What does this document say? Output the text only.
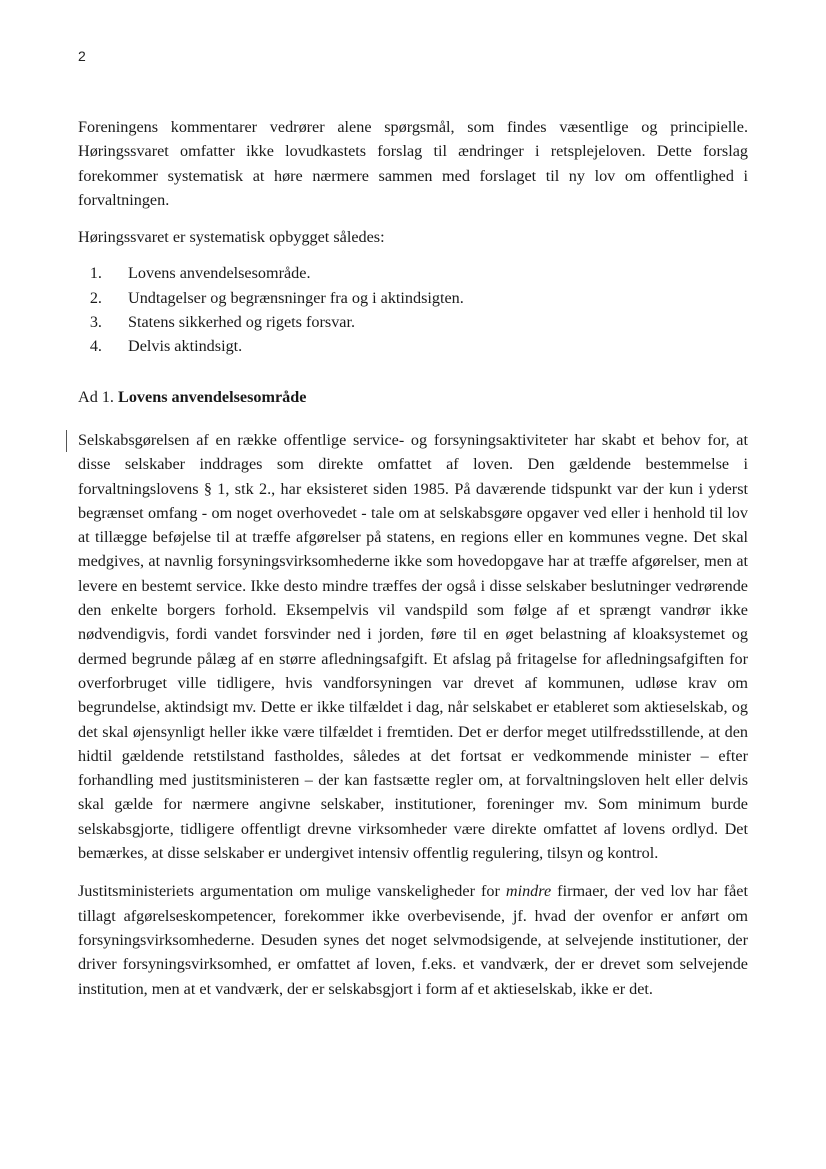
2

Foreningens kommentarer vedrører alene spørgsmål, som findes væsentlige og principielle. Høringssvaret omfatter ikke lovudkastets forslag til ændringer i retsplejeloven. Dette forslag forekommer systematisk at høre nærmere sammen med forslaget til ny lov om offentlighed i forvaltningen.

Høringssvaret er systematisk opbygget således:

1. Lovens anvendelsesområde.
2. Undtagelser og begrænsninger fra og i aktindsigten.
3. Statens sikkerhed og rigets forsvar.
4. Delvis aktindsigt.

Ad 1. Lovens anvendelsesområde

Selskabsgørelsen af en række offentlige service- og forsyningsaktiviteter har skabt et behov for, at disse selskaber inddrages som direkte omfattet af loven. Den gældende bestemmelse i forvaltningslovens § 1, stk 2., har eksisteret siden 1985. På daværende tidspunkt var der kun i yderst begrænset omfang - om noget overhovedet - tale om at selskabsgøre opgaver ved eller i henhold til lov at tillægge beføjelse til at træffe afgørelser på statens, en regions eller en kommunes vegne. Det skal medgives, at navnlig forsyningsvirksomhederne ikke som hovedopgave har at træffe afgørelser, men at levere en bestemt service. Ikke desto mindre træffes der også i disse selskaber beslutninger vedrørende den enkelte borgers forhold. Eksempelvis vil vandspild som følge af et sprængt vandrør ikke nødvendigvis, fordi vandet forsvinder ned i jorden, føre til en øget belastning af kloaksystemet og dermed begrunde pålæg af en større afledningsafgift. Et afslag på fritagelse for afledningsafgiften for overforbruget ville tidligere, hvis vandforsyningen var drevet af kommunen, udløse krav om begrundelse, aktindsigt mv. Dette er ikke tilfældet i dag, når selskabet er etableret som aktieselskab, og det skal øjensynligt heller ikke være tilfældet i fremtiden. Det er derfor meget utilfredsstillende, at den hidtil gældende retstilstand fastholdes, således at det fortsat er vedkommende minister – efter forhandling med justitsministeren – der kan fastsætte regler om, at forvaltningsloven helt eller delvis skal gælde for nærmere angivne selskaber, institutioner, foreninger mv. Som minimum burde selskabsgjorte, tidligere offentligt drevne virksomheder være direkte omfattet af lovens ordlyd. Det bemærkes, at disse selskaber er undergivet intensiv offentlig regulering, tilsyn og kontrol.

Justitsministeriets argumentation om mulige vanskeligheder for mindre firmaer, der ved lov har fået tillagt afgørelseskompetencer, forekommer ikke overbevisende, jf. hvad der ovenfor er anført om forsyningsvirksomhederne. Desuden synes det noget selvmodsigende, at selvejende institutioner, der driver forsyningsvirksomhed, er omfattet af loven, f.eks. et vandværk, der er drevet som selvejende institution, men at et vandværk, der er selskabsgjort i form af et aktieselskab, ikke er det.
